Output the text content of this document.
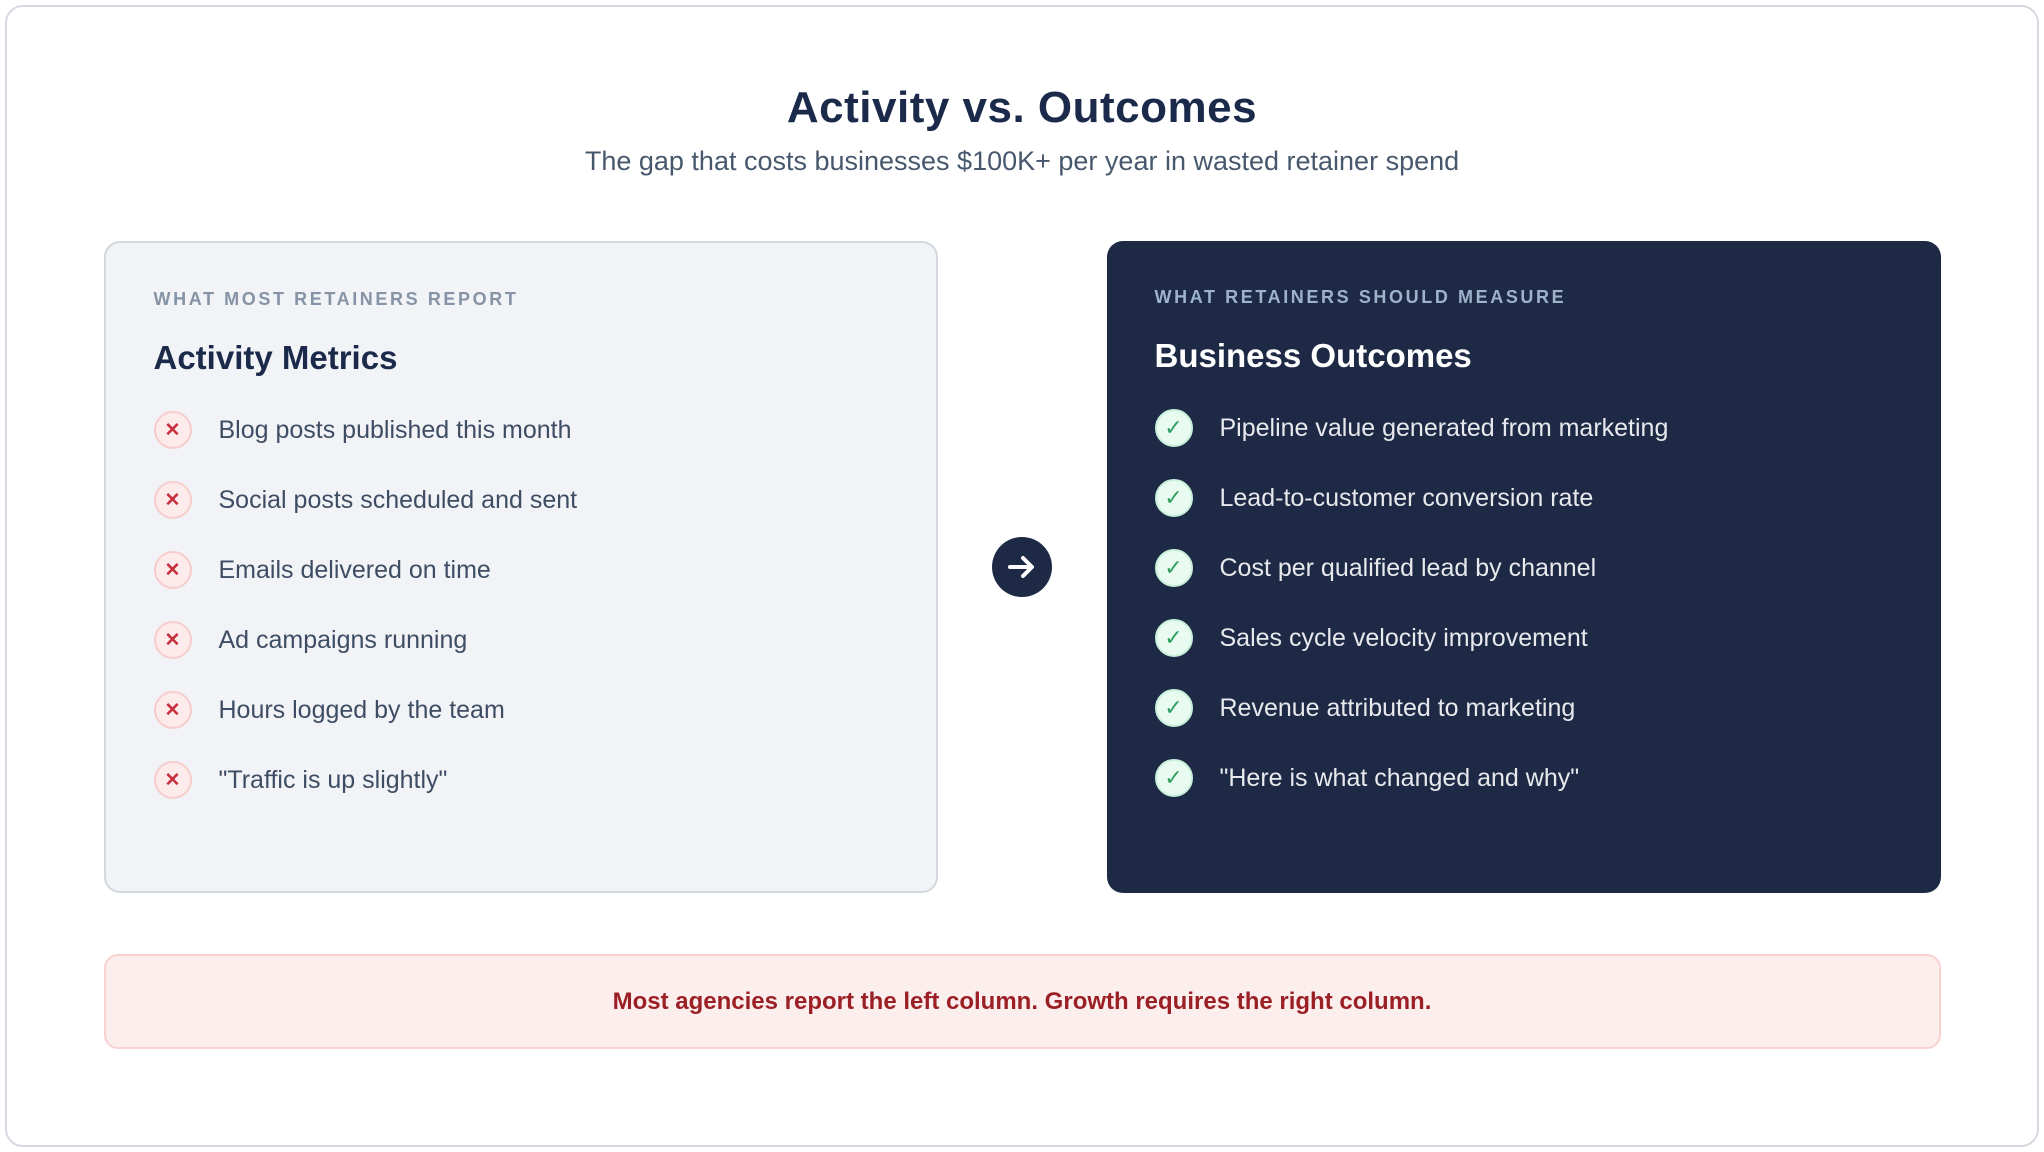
Activity vs. Outcomes
The gap that costs businesses $100K+ per year in wasted retainer spend
WHAT MOST RETAINERS REPORT
Activity Metrics
✕	Blog posts published this month
✕	Social posts scheduled and sent
✕	Emails delivered on time
✕	Ad campaigns running
✕	Hours logged by the team
✕	"Traffic is up slightly"
WHAT RETAINERS SHOULD MEASURE
Business Outcomes
✓	Pipeline value generated from marketing
✓	Lead-to-customer conversion rate
✓	Cost per qualified lead by channel
✓	Sales cycle velocity improvement
✓	Revenue attributed to marketing
✓	"Here is what changed and why"
Most agencies report the left column. Growth requires the right column.
